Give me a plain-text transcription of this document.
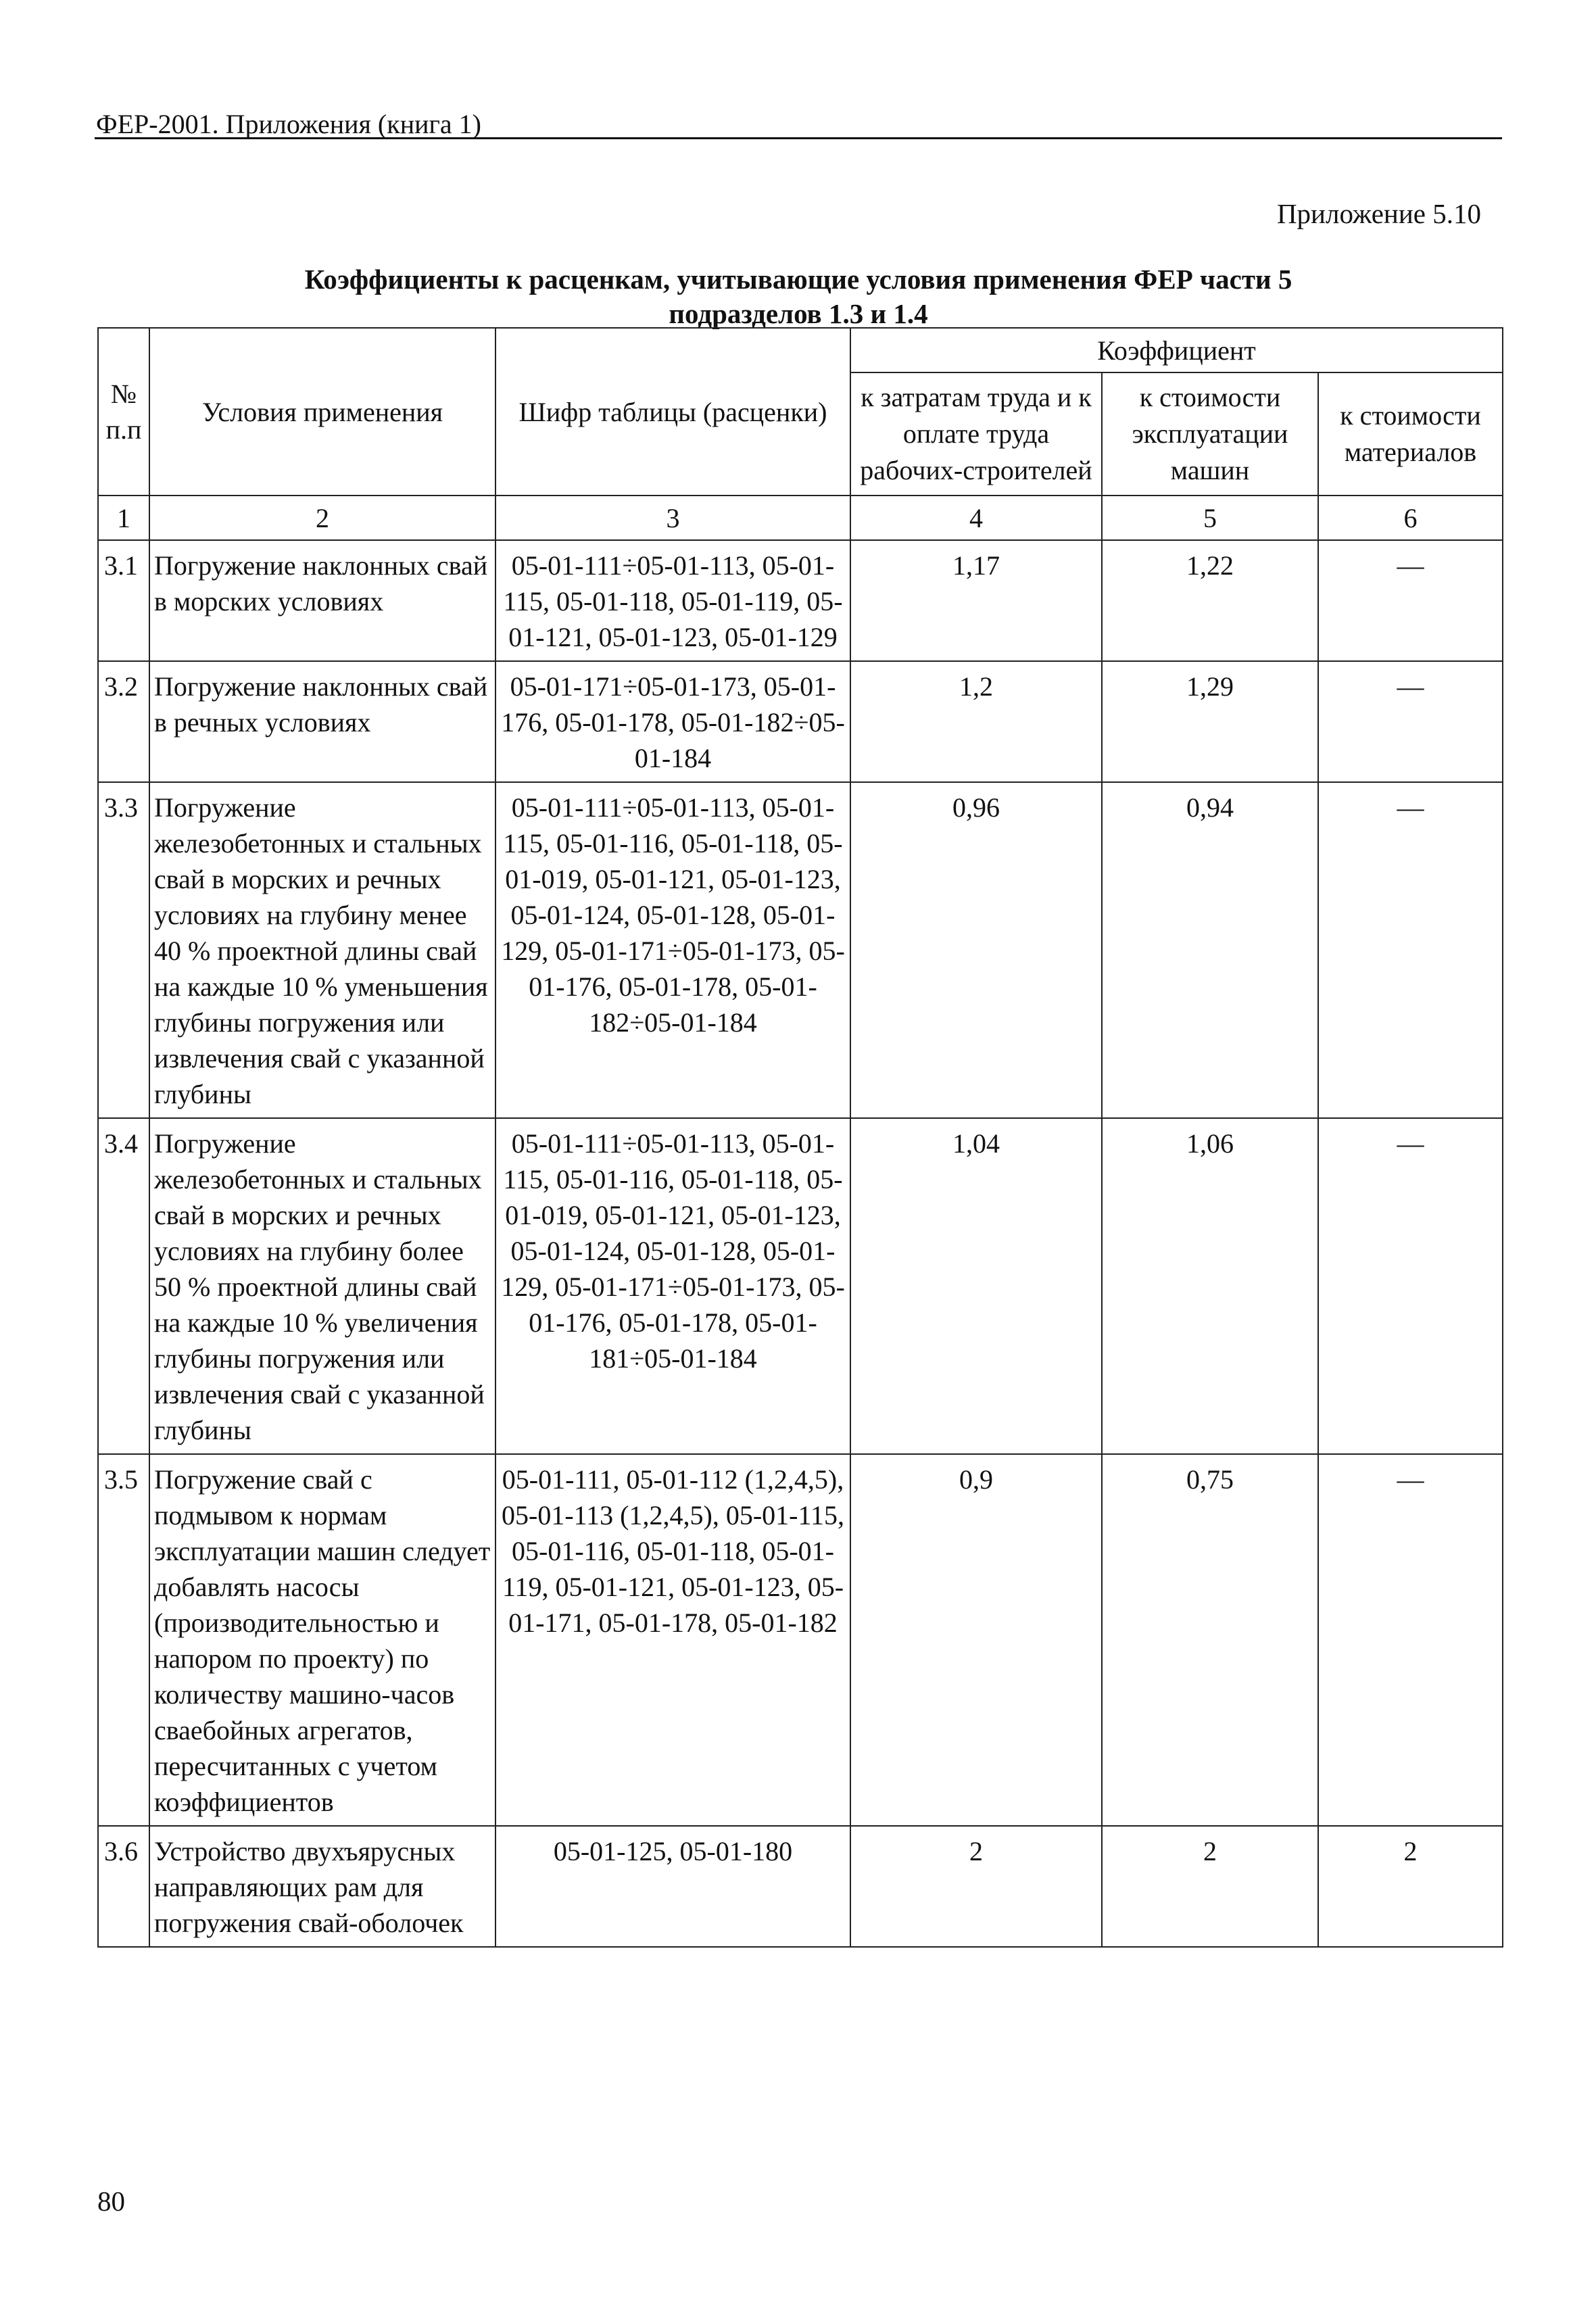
ФЕР-2001. Приложения (книга 1)
Приложение 5.10
Коэффициенты к расценкам, учитывающие условия применения ФЕР части 5
подразделов 1.3 и 1.4
№ п.п	Условия применения	Шифр таблицы (расценки)	Коэффициент		
			к затратам труда и к оплате труда рабочих-строителей	к стоимости эксплуатации машин	к стоимости материалов
1	2	3	4	5	6
3.1	Погружение наклонных свай в морских условиях	05-01-111÷05-01-113, 05-01-115, 05-01-118, 05-01-119, 05-01-121, 05-01-123, 05-01-129	1,17	1,22	—
3.2	Погружение наклонных свай в речных условиях	05-01-171÷05-01-173, 05-01-176, 05-01-178, 05-01-182÷05-01-184	1,2	1,29	—
3.3	Погружение железобетонных и стальных свай в морских и речных условиях на глубину менее 40 % проектной длины свай на каждые 10 % уменьшения глубины погружения или извлечения свай с указанной глубины	05-01-111÷05-01-113, 05-01-115, 05-01-116, 05-01-118, 05-01-019, 05-01-121, 05-01-123, 05-01-124, 05-01-128, 05-01-129, 05-01-171÷05-01-173, 05-01-176, 05-01-178, 05-01-182÷05-01-184	0,96	0,94	—
3.4	Погружение железобетонных и стальных свай в морских и речных условиях на глубину более 50 % проектной длины свай на каждые 10 % увеличения глубины погружения или извлечения свай с указанной глубины	05-01-111÷05-01-113, 05-01-115, 05-01-116, 05-01-118, 05-01-019, 05-01-121, 05-01-123, 05-01-124, 05-01-128, 05-01-129, 05-01-171÷05-01-173, 05-01-176, 05-01-178, 05-01-181÷05-01-184	1,04	1,06	—
3.5	Погружение свай с подмывом к нормам эксплуатации машин следует добавлять насосы (производительностью и напором по проекту) по количеству машино-часов сваебойных агрегатов, пересчитанных с учетом коэффициентов	05-01-111, 05-01-112 (1,2,4,5), 05-01-113 (1,2,4,5), 05-01-115, 05-01-116, 05-01-118, 05-01-119, 05-01-121, 05-01-123, 05-01-171, 05-01-178, 05-01-182	0,9	0,75	—
3.6	Устройство двухъярусных направляющих рам для погружения свай-оболочек	05-01-125, 05-01-180	2	2	2
80
